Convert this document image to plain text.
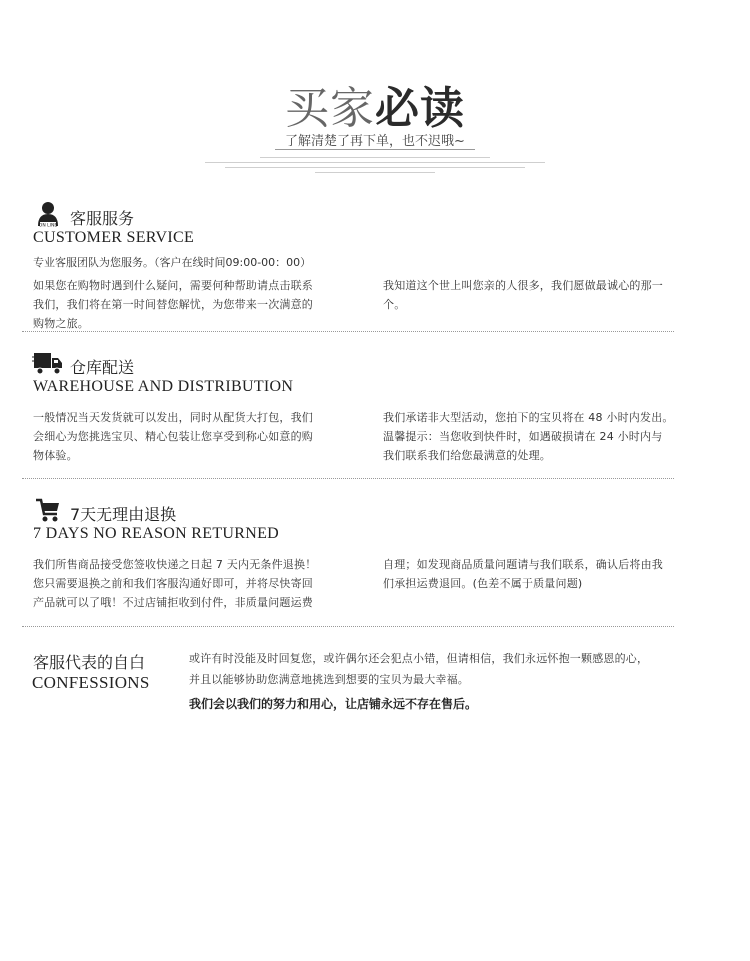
买家必读
了解清楚了再下单，也不迟哦~
ON LINE 客服服务
CUSTOMER SERVICE
专业客服团队为您服务。（客户在线时间09:00-00：00）
如果您在购物时遇到什么疑问，需要何种帮助请点击联系
我们，我们将在第一时间替您解忧，为您带来一次满意的
购物之旅。
我知道这个世上叫您亲的人很多，我们愿做最诚心的那一
个。
仓库配送
WAREHOUSE AND DISTRIBUTION
一般情况当天发货就可以发出，同时从配货大打包，我们
会细心为您挑选宝贝、精心包装让您享受到称心如意的购
物体验。
我们承诺非大型活动，您拍下的宝贝将在 48 小时内发出。
温馨提示：当您收到快件时，如遇破损请在 24 小时内与
我们联系我们给您最满意的处理。
7天无理由退换
7 DAYS NO REASON RETURNED
我们所售商品接受您签收快递之日起 7 天内无条件退换！
您只需要退换之前和我们客服沟通好即可，并将尽快寄回
产品就可以了哦！不过店铺拒收到付件，非质量问题运费
自理；如发现商品质量问题请与我们联系，确认后将由我
们承担运费退回。(色差不属于质量问题)
客服代表的自白
CONFESSIONS
或许有时没能及时回复您，或许偶尔还会犯点小错，但请相信，我们永远怀抱一颗感恩的心，
并且以能够协助您满意地挑选到想要的宝贝为最大幸福。
我们会以我们的努力和用心，让店铺永远不存在售后。
